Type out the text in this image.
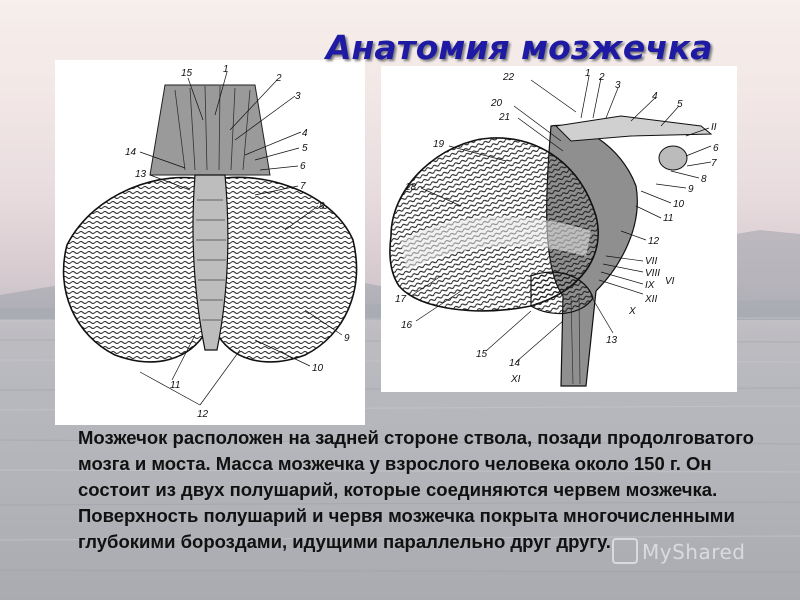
15	1
2
3
4
5
14
6
13
7
8
9
11
10
12
22	1 2
3
4
5
II
6
7
20
21
19
8
9
10
18
11
12
VII
VIII
VI
IX
XII
X
17
16
13
15
14
XI
Анатомия мозжечка

Мозжечок расположен на задней стороне ствола, позади продолговатого мозга и моста. Масса мозжечка у взрослого человека около 150 г. Он состоит из двух полушарий, которые соединяются червем мозжечка. Поверхность полушарий и червя мозжечка покрыта многочисленными глубокими бороздами, идущими параллельно друг другу.	MyShared
